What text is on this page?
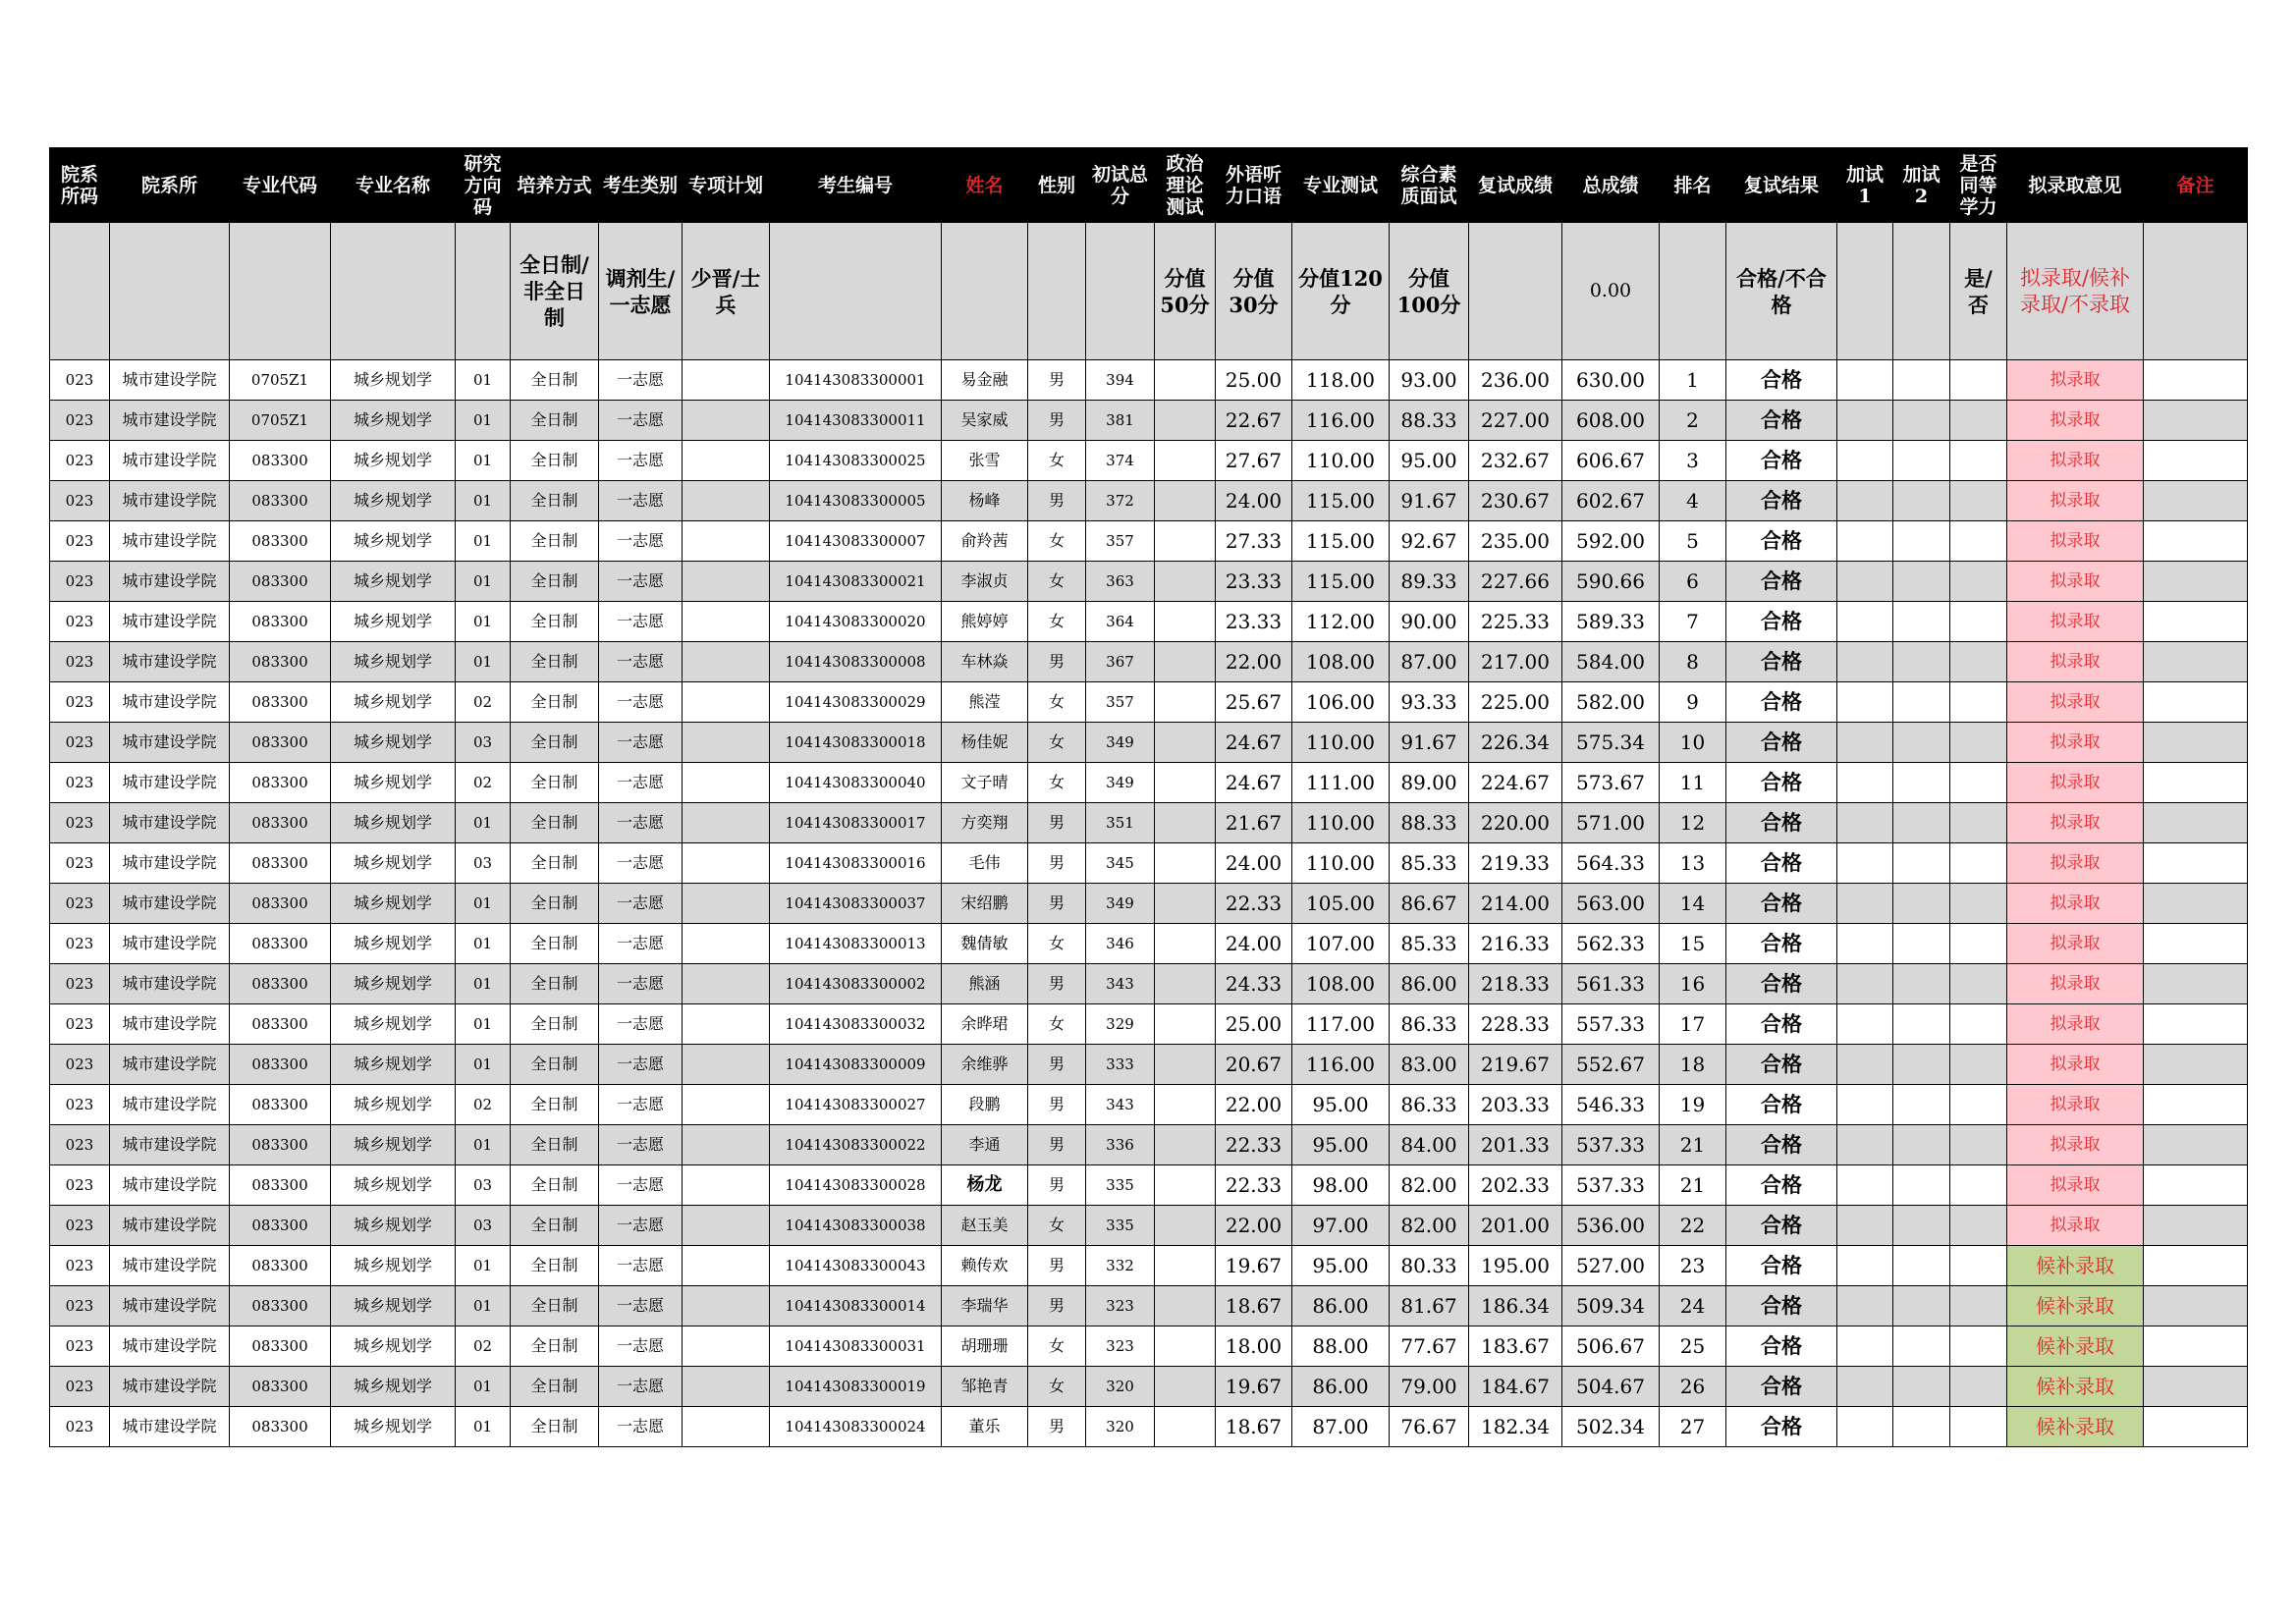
院系所码	院系所	专业代码	专业名称	研究方向码	培养方式	考生类别	专项计划	考生编号	姓名	性别	初试总分	政治理论测试	外语听力口语	专业测试	综合素质面试	复试成绩	总成绩	排名	复试结果	加试1	加试2	是否同等学力	拟录取意见	备注
					全日制/非全日制	调剂生/一志愿	少晋/士兵					分值50分	分值30分	分值120分	分值100分		0.00		合格/不合格			是/否	拟录取/候补录取/不录取	
023	城市建设学院	0705Z1	城乡规划学	01	全日制	一志愿		104143083300001	易金融	男	394		25.00	118.00	93.00	236.00	630.00	1	合格				拟录取	
023	城市建设学院	0705Z1	城乡规划学	01	全日制	一志愿		104143083300011	吴家威	男	381		22.67	116.00	88.33	227.00	608.00	2	合格				拟录取	
023	城市建设学院	083300	城乡规划学	01	全日制	一志愿		104143083300025	张雪	女	374		27.67	110.00	95.00	232.67	606.67	3	合格				拟录取	
023	城市建设学院	083300	城乡规划学	01	全日制	一志愿		104143083300005	杨峰	男	372		24.00	115.00	91.67	230.67	602.67	4	合格				拟录取	
023	城市建设学院	083300	城乡规划学	01	全日制	一志愿		104143083300007	俞羚茜	女	357		27.33	115.00	92.67	235.00	592.00	5	合格				拟录取	
023	城市建设学院	083300	城乡规划学	01	全日制	一志愿		104143083300021	李淑贞	女	363		23.33	115.00	89.33	227.66	590.66	6	合格				拟录取	
023	城市建设学院	083300	城乡规划学	01	全日制	一志愿		104143083300020	熊婷婷	女	364		23.33	112.00	90.00	225.33	589.33	7	合格				拟录取	
023	城市建设学院	083300	城乡规划学	01	全日制	一志愿		104143083300008	车林焱	男	367		22.00	108.00	87.00	217.00	584.00	8	合格				拟录取	
023	城市建设学院	083300	城乡规划学	02	全日制	一志愿		104143083300029	熊滢	女	357		25.67	106.00	93.33	225.00	582.00	9	合格				拟录取	
023	城市建设学院	083300	城乡规划学	03	全日制	一志愿		104143083300018	杨佳妮	女	349		24.67	110.00	91.67	226.34	575.34	10	合格				拟录取	
023	城市建设学院	083300	城乡规划学	02	全日制	一志愿		104143083300040	文子晴	女	349		24.67	111.00	89.00	224.67	573.67	11	合格				拟录取	
023	城市建设学院	083300	城乡规划学	01	全日制	一志愿		104143083300017	方奕翔	男	351		21.67	110.00	88.33	220.00	571.00	12	合格				拟录取	
023	城市建设学院	083300	城乡规划学	03	全日制	一志愿		104143083300016	毛伟	男	345		24.00	110.00	85.33	219.33	564.33	13	合格				拟录取	
023	城市建设学院	083300	城乡规划学	01	全日制	一志愿		104143083300037	宋绍鹏	男	349		22.33	105.00	86.67	214.00	563.00	14	合格				拟录取	
023	城市建设学院	083300	城乡规划学	01	全日制	一志愿		104143083300013	魏倩敏	女	346		24.00	107.00	85.33	216.33	562.33	15	合格				拟录取	
023	城市建设学院	083300	城乡规划学	01	全日制	一志愿		104143083300002	熊涵	男	343		24.33	108.00	86.00	218.33	561.33	16	合格				拟录取	
023	城市建设学院	083300	城乡规划学	01	全日制	一志愿		104143083300032	余晔珺	女	329		25.00	117.00	86.33	228.33	557.33	17	合格				拟录取	
023	城市建设学院	083300	城乡规划学	01	全日制	一志愿		104143083300009	余维骅	男	333		20.67	116.00	83.00	219.67	552.67	18	合格				拟录取	
023	城市建设学院	083300	城乡规划学	02	全日制	一志愿		104143083300027	段鹏	男	343		22.00	95.00	86.33	203.33	546.33	19	合格				拟录取	
023	城市建设学院	083300	城乡规划学	01	全日制	一志愿		104143083300022	李通	男	336		22.33	95.00	84.00	201.33	537.33	21	合格				拟录取	
023	城市建设学院	083300	城乡规划学	03	全日制	一志愿		104143083300028	杨龙	男	335		22.33	98.00	82.00	202.33	537.33	21	合格				拟录取	
023	城市建设学院	083300	城乡规划学	03	全日制	一志愿		104143083300038	赵玉美	女	335		22.00	97.00	82.00	201.00	536.00	22	合格				拟录取	
023	城市建设学院	083300	城乡规划学	01	全日制	一志愿		104143083300043	赖传欢	男	332		19.67	95.00	80.33	195.00	527.00	23	合格				候补录取	
023	城市建设学院	083300	城乡规划学	01	全日制	一志愿		104143083300014	李瑞华	男	323		18.67	86.00	81.67	186.34	509.34	24	合格				候补录取	
023	城市建设学院	083300	城乡规划学	02	全日制	一志愿		104143083300031	胡珊珊	女	323		18.00	88.00	77.67	183.67	506.67	25	合格				候补录取	
023	城市建设学院	083300	城乡规划学	01	全日制	一志愿		104143083300019	邹艳青	女	320		19.67	86.00	79.00	184.67	504.67	26	合格				候补录取	
023	城市建设学院	083300	城乡规划学	01	全日制	一志愿		104143083300024	董乐	男	320		18.67	87.00	76.67	182.34	502.34	27	合格				候补录取	
